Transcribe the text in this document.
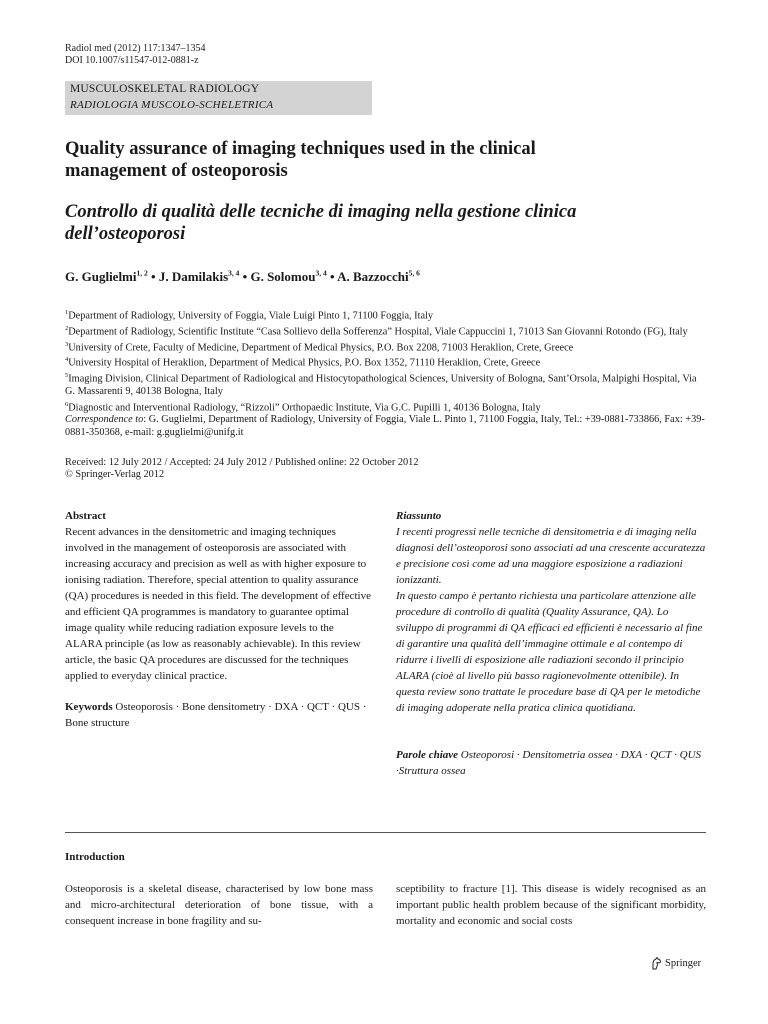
Radiol med (2012) 117:1347–1354
DOI 10.1007/s11547-012-0881-z
MUSCULOSKELETAL RADIOLOGY
RADIOLOGIA MUSCOLO-SCHELETRICA
Quality assurance of imaging techniques used in the clinical
management of osteoporosis
Controllo di qualità delle tecniche di imaging nella gestione clinica
dell’osteoporosi
G. Guglielmi$^{1, 2}$ • J. Damilakis$^{3, 4}$ • G. Solomou$^{3, 4}$ • A. Bazzocchi$^{5, 6}$
$^1$Department of Radiology, University of Foggia, Viale Luigi Pinto 1, 71100 Foggia, Italy
$^2$Department of Radiology, Scientific Institute “Casa Sollievo della Sofferenza” Hospital, Viale Cappuccini 1, 71013 San Giovanni Rotondo (FG), Italy
$^3$University of Crete, Faculty of Medicine, Department of Medical Physics, P.O. Box 2208, 71003 Heraklion, Crete, Greece
$^4$University Hospital of Heraklion, Department of Medical Physics, P.O. Box 1352, 71110 Heraklion, Crete, Greece
$^5$Imaging Division, Clinical Department of Radiological and Histocytopathological Sciences, University of Bologna, Sant’Orsola, Malpighi Hospital, Via G. Massarenti 9, 40138 Bologna, Italy
$^6$Diagnostic and Interventional Radiology, “Rizzoli” Orthopaedic Institute, Via G.C. Pupilli 1, 40136 Bologna, Italy
Correspondence to: G. Guglielmi, Department of Radiology, University of Foggia, Viale L. Pinto 1, 71100 Foggia, Italy, Tel.: +39-0881-733866, Fax: +39-0881-350368, e-mail: g.guglielmi@unifg.it
Received: 12 July 2012 / Accepted: 24 July 2012 / Published online: 22 October 2012
© Springer-Verlag 2012
Abstract
Recent advances in the densitometric and imaging techniques involved in the management of osteoporosis are associated with increasing accuracy and precision as well as with higher exposure to ionising radiation. Therefore, special attention to quality assurance (QA) procedures is needed in this field. The development of effective and efficient QA programmes is mandatory to guarantee optimal image quality while reducing radiation exposure levels to the ALARA principle (as low as reasonably achievable). In this review article, the basic QA procedures are discussed for the techniques applied to everyday clinical practice.
Keywords Osteoporosis · Bone densitometry · DXA · QCT · QUS · Bone structure
Riassunto
I recenti progressi nelle tecniche di densitometria e di imaging nella diagnosi dell’osteoporosi sono associati ad una crescente accuratezza e precisione così come ad una maggiore esposizione a radiazioni ionizzanti.
In questo campo è pertanto richiesta una particolare attenzione alle procedure di controllo di qualità (Quality Assurance, QA). Lo sviluppo di programmi di QA efficaci ed efficienti è necessario al fine di garantire una qualità dell’immagine ottimale e al contempo di ridurre i livelli di esposizione alle radiazioni secondo il principio ALARA (cioè al livello più basso ragionevolmente ottenibile). In questa review sono trattate le procedure base di QA per le metodiche di imaging adoperate nella pratica clinica quotidiana.
Parole chiave Osteoporosi · Densitometria ossea · DXA · QCT · QUS ·Struttura ossea
Introduction
Osteoporosis is a skeletal disease, characterised by low bone mass and micro-architectural deterioration of bone tissue, with a consequent increase in bone fragility and su-
sceptibility to fracture [1]. This disease is widely recognised as an important public health problem because of the significant morbidity, mortality and economic and social costs
Springer
